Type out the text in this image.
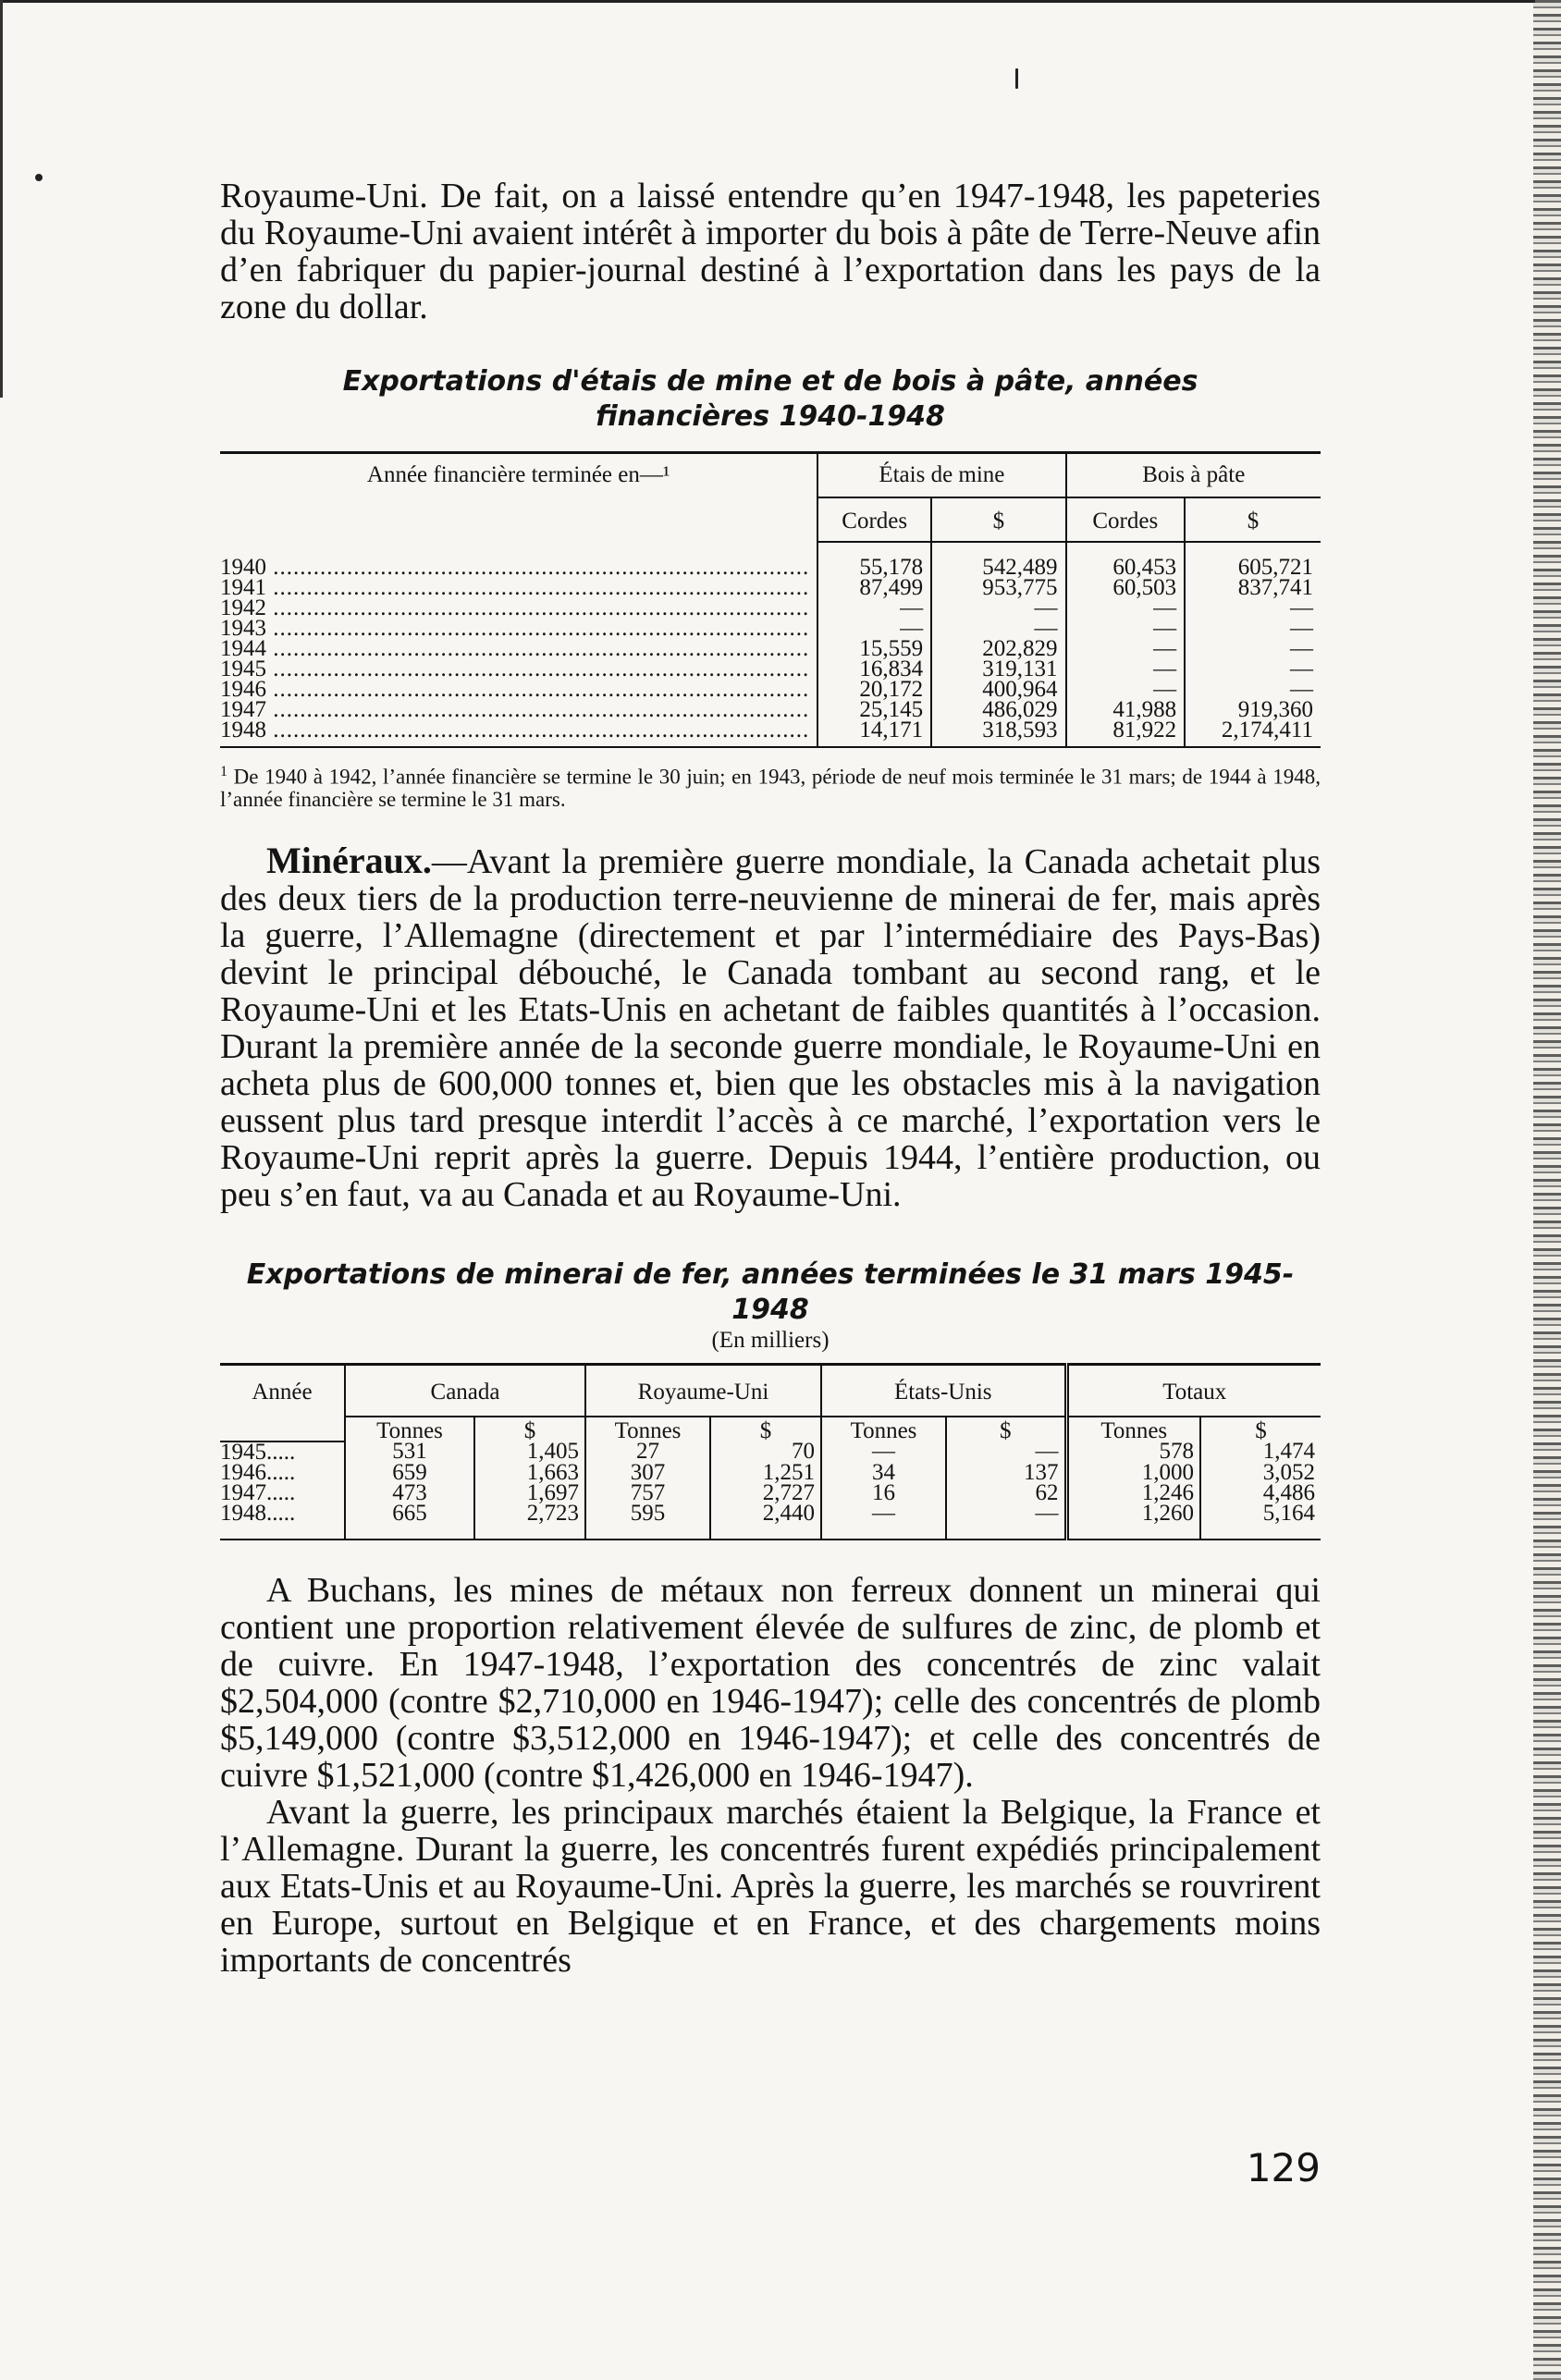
Royaume-Uni. De fait, on a laissé entendre qu’en 1947-1948, les papeteries du Royaume-Uni avaient intérêt à importer du bois à pâte de Terre-Neuve afin d’en fabriquer du papier-journal destiné à l’exportation dans les pays de la zone du dollar.

Exportations d'étais de mine et de bois à pâte, années
financières 1940-1948
Année financière terminée en—¹	Étais de mine		Bois à pâte	
	Cordes	$	Cordes	$
1940 .....	55,178	542,489	60,453	605,721
1941 .....	87,499	953,775	60,503	837,741
1942 .....	—	—	—	—
1943 .....	—	—	—	—
1944 .....	15,559	202,829	—	—
1945 .....	16,834	319,131	—	—
1946 .....	20,172	400,964	—	—
1947 .....	25,145	486,029	41,988	919,360
1948 .....	14,171	318,593	81,922	2,174,411

$^1$ De 1940 à 1942, l’année financière se termine le 30 juin; en 1943, période de neuf mois terminée le 31 mars; de 1944 à 1948, l’année financière se termine le 31 mars.

Minéraux.—Avant la première guerre mondiale, la Canada achetait plus des deux tiers de la production terre-neuvienne de minerai de fer, mais après la guerre, l’Allemagne (directement et par l’intermédiaire des Pays-Bas) devint le principal débouché, le Canada tombant au second rang, et le Royaume-Uni et les Etats-Unis en achetant de faibles quantités à l’occasion. Durant la première année de la seconde guerre mondiale, le Royaume-Uni en acheta plus de 600,000 tonnes et, bien que les obstacles mis à la navigation eussent plus tard presque interdit l’accès à ce marché, l’exportation vers le Royaume-Uni reprit après la guerre. Depuis 1944, l’entière production, ou peu s’en faut, va au Canada et au Royaume-Uni.

Exportations de minerai de fer, années terminées le 31 mars 1945-1948
(En milliers)
Année	Canada		Royaume-Uni		États-Unis		Totaux	
	Tonnes	$	Tonnes	$	Tonnes	$	Tonnes	$
1945 .....	531	1,405	27	70	—	—	578	1,474
1946 .....	659	1,663	307	1,251	34	137	1,000	3,052
1947 .....	473	1,697	757	2,727	16	62	1,246	4,486
1948 .....	665	2,723	595	2,440	—	—	1,260	5,164

A Buchans, les mines de métaux non ferreux donnent un minerai qui contient une proportion relativement élevée de sulfures de zinc, de plomb et de cuivre. En 1947-1948, l’exportation des concentrés de zinc valait $2,504,000 (contre $2,710,000 en 1946-1947); celle des concentrés de plomb $5,149,000 (contre $3,512,000 en 1946-1947); et celle des concentrés de cuivre $1,521,000 (contre $1,426,000 en 1946-1947).

Avant la guerre, les principaux marchés étaient la Belgique, la France et l’Allemagne. Durant la guerre, les concentrés furent expédiés principalement aux Etats-Unis et au Royaume-Uni. Après la guerre, les marchés se rouvrirent en Europe, surtout en Belgique et en France, et des chargements moins importants de concentrés

129
